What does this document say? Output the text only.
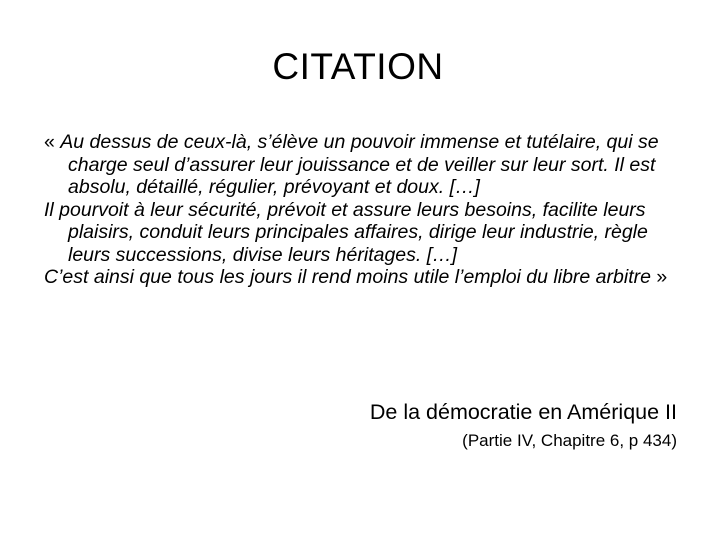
CITATION
« Au dessus de ceux-là, s’élève un pouvoir immense et tutélaire, qui se charge seul d’assurer leur jouissance et de veiller sur leur sort. Il est absolu, détaillé, régulier, prévoyant et doux. […]
Il pourvoit à leur sécurité, prévoit et assure leurs besoins, facilite leurs plaisirs, conduit leurs principales affaires, dirige leur industrie, règle leurs successions, divise leurs héritages. […]
C’est ainsi que tous les jours il rend moins utile l’emploi du libre arbitre »
De la démocratie en Amérique II
(Partie IV, Chapitre 6, p 434)
